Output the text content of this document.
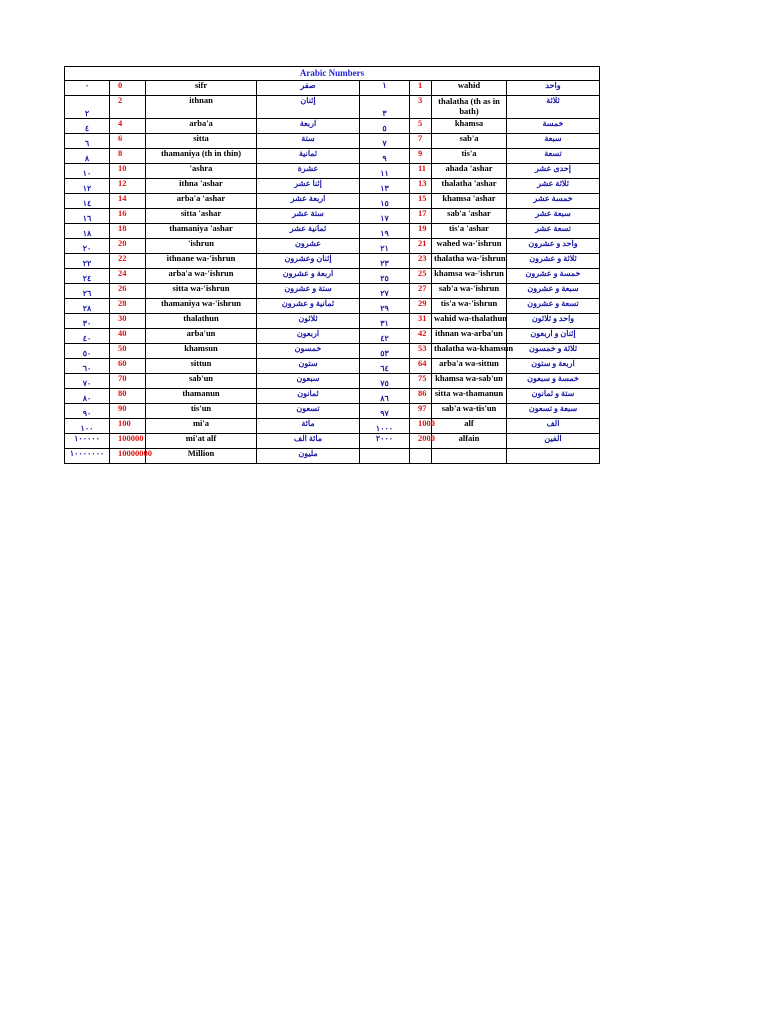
Arabic Numbers							
٠	0	sifr	صفر	١	1	wahid	واحد
٢	2	ithnan	إثنان	٣	3	thalatha (th as in bath)	ثلاثة
٤	4	arba'a	اربعة	٥	5	khamsa	خمسة
٦	6	sitta	ستة	٧	7	sab'a	سبعة
٨	8	thamaniya (th in thin)	ثمانية	٩	9	tis'a	تسعة
١٠	10	'ashra	عشرة	١١	11	ahada 'ashar	إحدى عشر
١٢	12	ithna 'ashar	إثنا عشر	١٣	13	thalatha 'ashar	ثلاثة عشر
١٤	14	arba'a 'ashar	اربعة عشر	١٥	15	khamsa 'ashar	خمسة عشر
١٦	16	sitta 'ashar	ستة عشر	١٧	17	sab'a 'ashar	سبعة عشر
١٨	18	thamaniya 'ashar	ثمانية عشر	١٩	19	tis'a 'ashar	تسعة عشر
٢٠	20	'ishrun	عشرون	٢١	21	wahed wa-'ishrun	واحد و عشرون
٢٢	22	ithnane wa-'ishrun	إثنان وعشرون	٢٣	23	thalatha wa-'ishrun	ثلاثة و عشرون
٢٤	24	arba'a wa-'ishrun	اربعة و عشرون	٢٥	25	khamsa wa-'ishrun	خمسة و عشرون
٢٦	26	sitta wa-'ishrun	ستة و عشرون	٢٧	27	sab'a wa-'ishrun	سبعة و عشرون
٢٨	28	thamaniya wa-'ishrun	ثمانية و عشرون	٢٩	29	tis'a wa-'ishrun	تسعة و عشرون
٣٠	30	thalathun	ثلاثون	٣١	31	wahid wa-thalathun	واحد و ثلاثون
٤٠	40	arba'un	اربعون	٤٢	42	ithnan wa-arba'un	إثنان و اربعون
٥٠	50	khamsun	خمسون	٥٣	53	thalatha wa-khamsun	ثلاثة و خمسون
٦٠	60	sittun	ستون	٦٤	64	arba'a wa-sittun	اربعة و ستون
٧٠	70	sab'un	سبعون	٧٥	75	khamsa wa-sab'un	خمسة و سبعون
٨٠	80	thamanun	ثمانون	٨٦	86	sitta wa-thamanun	ستة و ثمانون
٩٠	90	tis'un	تسعون	٩٧	97	sab'a wa-tis'un	سبعة و تسعون
١٠٠	100	mi'a	مائة	١٠٠٠	1000	alf	الف
١٠٠٠٠٠	100000	mi'at alf	مائة الف	٢٠٠٠	2000	alfain	الفين
١٠٠٠٠٠٠٠	10000000	Million	مليون				
